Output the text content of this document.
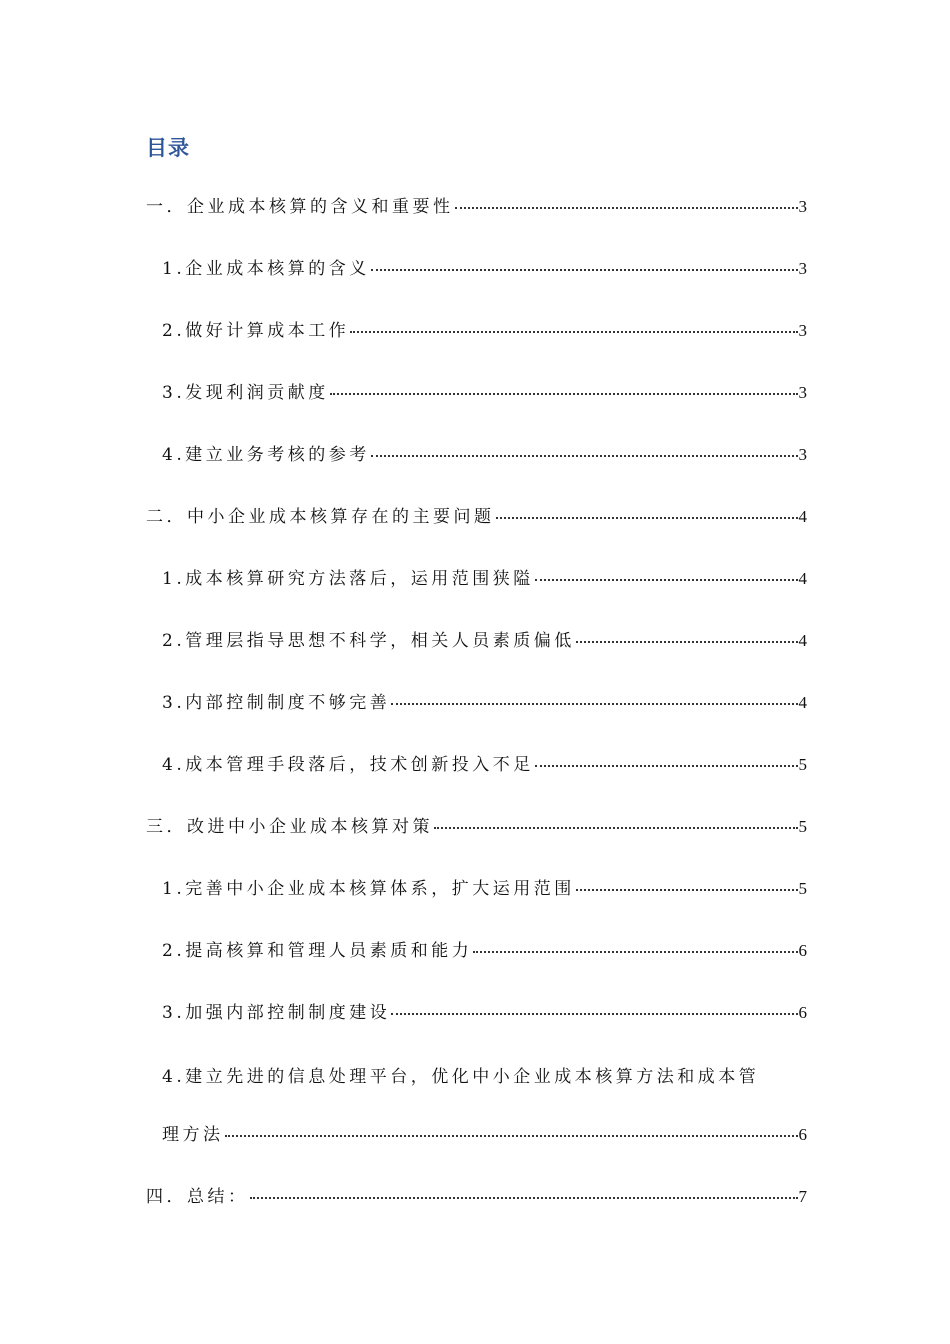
目录
一．企业成本核算的含义和重要性	3
1.企业成本核算的含义	3
2.做好计算成本工作	3
3.发现利润贡献度	3
4.建立业务考核的参考	3
二．中小企业成本核算存在的主要问题	4
1.成本核算研究方法落后，运用范围狭隘	4
2.管理层指导思想不科学，相关人员素质偏低	4
3.内部控制制度不够完善	4
4.成本管理手段落后，技术创新投入不足	5
三．改进中小企业成本核算对策	5
1.完善中小企业成本核算体系，扩大运用范围	5
2.提高核算和管理人员素质和能力	6
3.加强内部控制制度建设	6
4.建立先进的信息处理平台，优化中小企业成本核算方法和成本管
理方法	6
四．总结：	7
